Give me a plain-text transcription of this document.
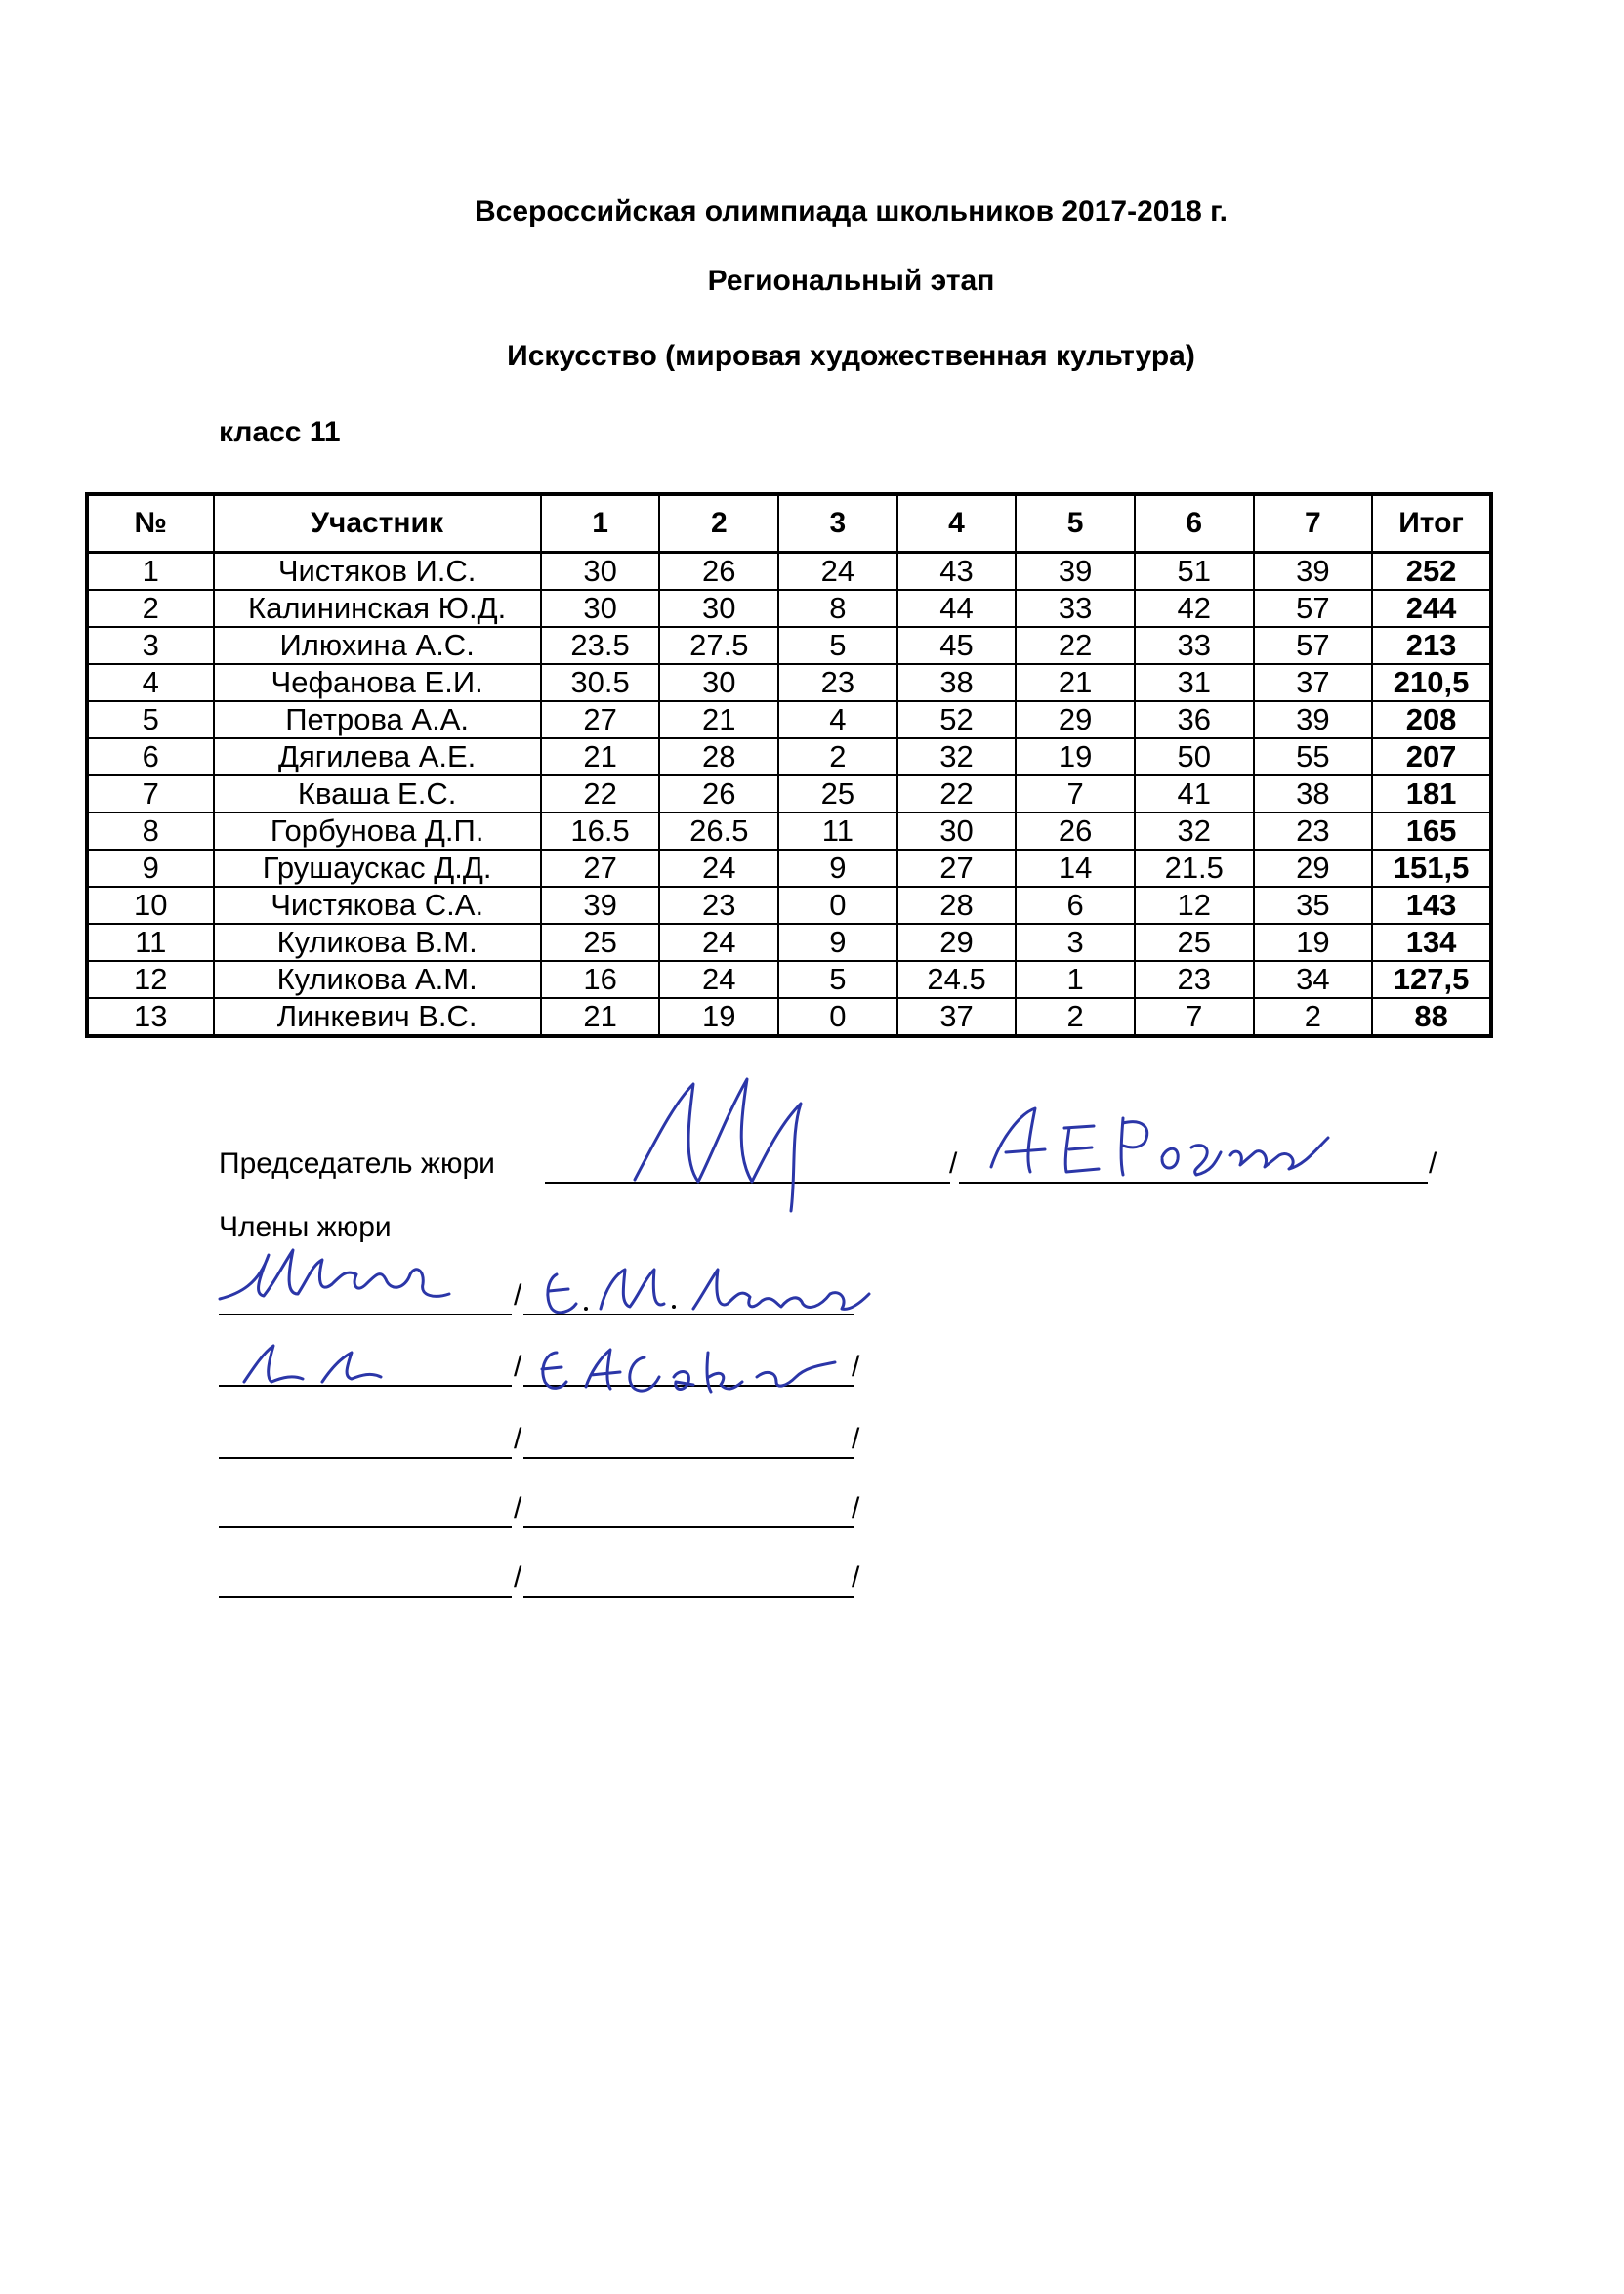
Всероссийская олимпиада школьников 2017-2018 г.
Региональный этап
Искусство (мировая художественная культура)
класс 11
№	Участник	1	2	3	4	5	6	7	Итог
1	Чистяков И.С.	30	26	24	43	39	51	39	252
2	Калининская Ю.Д.	30	30	8	44	33	42	57	244
3	Илюхина А.С.	23.5	27.5	5	45	22	33	57	213
4	Чефанова Е.И.	30.5	30	23	38	21	31	37	210,5
5	Петрова А.А.	27	21	4	52	29	36	39	208
6	Дягилева А.Е.	21	28	2	32	19	50	55	207
7	Кваша Е.С.	22	26	25	22	7	41	38	181
8	Горбунова Д.П.	16.5	26.5	11	30	26	32	23	165
9	Грушаускас Д.Д.	27	24	9	27	14	21.5	29	151,5
10	Чистякова С.А.	39	23	0	28	6	12	35	143
11	Куликова В.М.	25	24	9	29	3	25	19	134
12	Куликова А.М.	16	24	5	24.5	1	23	34	127,5
13	Линкевич В.С.	21	19	0	37	2	7	2	88
Председатель жюри	/	/
Члены жюри
/
/	/
/	/
/	/
/	/
